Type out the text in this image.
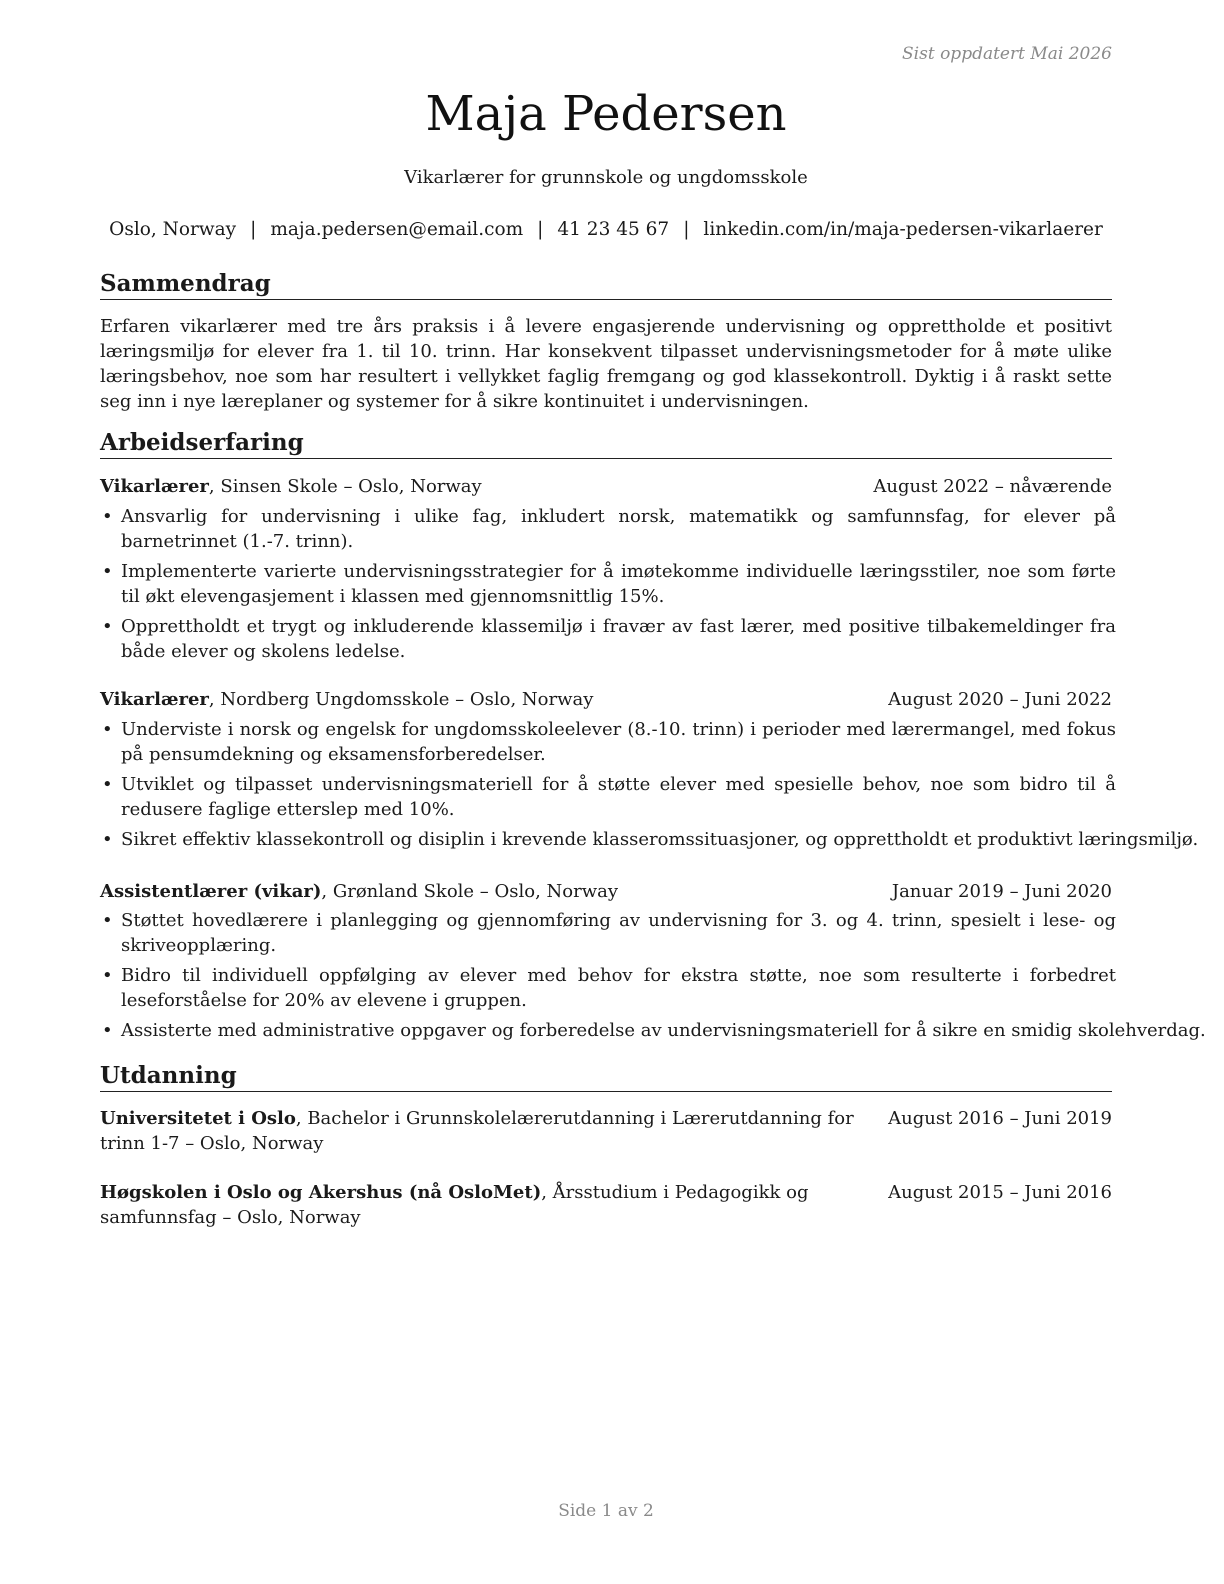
Sist oppdatert Mai 2026
Maja Pedersen
Vikarlærer for grunnskole og ungdomsskole
Oslo, Norway | maja.pedersen@email.com | 41 23 45 67 | linkedin.com/in/maja-pedersen-vikarlaerer
Sammendrag
Erfaren vikarlærer med tre års praksis i å levere engasjerende undervisning og opprettholde et positivt læringsmiljø for elever fra 1. til 10. trinn. Har konsekvent tilpasset undervisningsmetoder for å møte ulike læringsbehov, noe som har resultert i vellykket faglig fremgang og god klassekontroll. Dyktig i å raskt sette seg inn i nye læreplaner og systemer for å sikre kontinuitet i undervisningen.
Arbeidserfaring
Vikarlærer, Sinsen Skole – Oslo, Norway	August 2022 – nåværende
• Ansvarlig for undervisning i ulike fag, inkludert norsk, matematikk og samfunnsfag, for elever på barnetrinnet (1.-7. trinn).
• Implementerte varierte undervisningsstrategier for å imøtekomme individuelle læringsstiler, noe som førte til økt elevengasjement i klassen med gjennomsnittlig 15%.
• Opprettholdt et trygt og inkluderende klassemiljø i fravær av fast lærer, med positive tilbakemeldinger fra både elever og skolens ledelse.
Vikarlærer, Nordberg Ungdomsskole – Oslo, Norway	August 2020 – Juni 2022
• Underviste i norsk og engelsk for ungdomsskoleelever (8.-10. trinn) i perioder med lærermangel, med fokus på pensumdekning og eksamensforberedelser.
• Utviklet og tilpasset undervisningsmateriell for å støtte elever med spesielle behov, noe som bidro til å redusere faglige etterslep med 10%.
• Sikret effektiv klassekontroll og disiplin i krevende klasseromssituasjoner, og opprettholdt et produktivt læringsmiljø.
Assistentlærer (vikar), Grønland Skole – Oslo, Norway	Januar 2019 – Juni 2020
• Støttet hovedlærere i planlegging og gjennomføring av undervisning for 3. og 4. trinn, spesielt i lese- og skriveopplæring.
• Bidro til individuell oppfølging av elever med behov for ekstra støtte, noe som resulterte i forbedret leseforståelse for 20% av elevene i gruppen.
• Assisterte med administrative oppgaver og forberedelse av undervisningsmateriell for å sikre en smidig skolehverdag.
Utdanning
Universitetet i Oslo, Bachelor i Grunnskolelærerutdanning i Lærerutdanning for trinn 1-7 – Oslo, Norway
August 2016 – Juni 2019
Høgskolen i Oslo og Akershus (nå OsloMet), Årsstudium i Pedagogikk og samfunnsfag – Oslo, Norway
August 2015 – Juni 2016
Side 1 av 2
